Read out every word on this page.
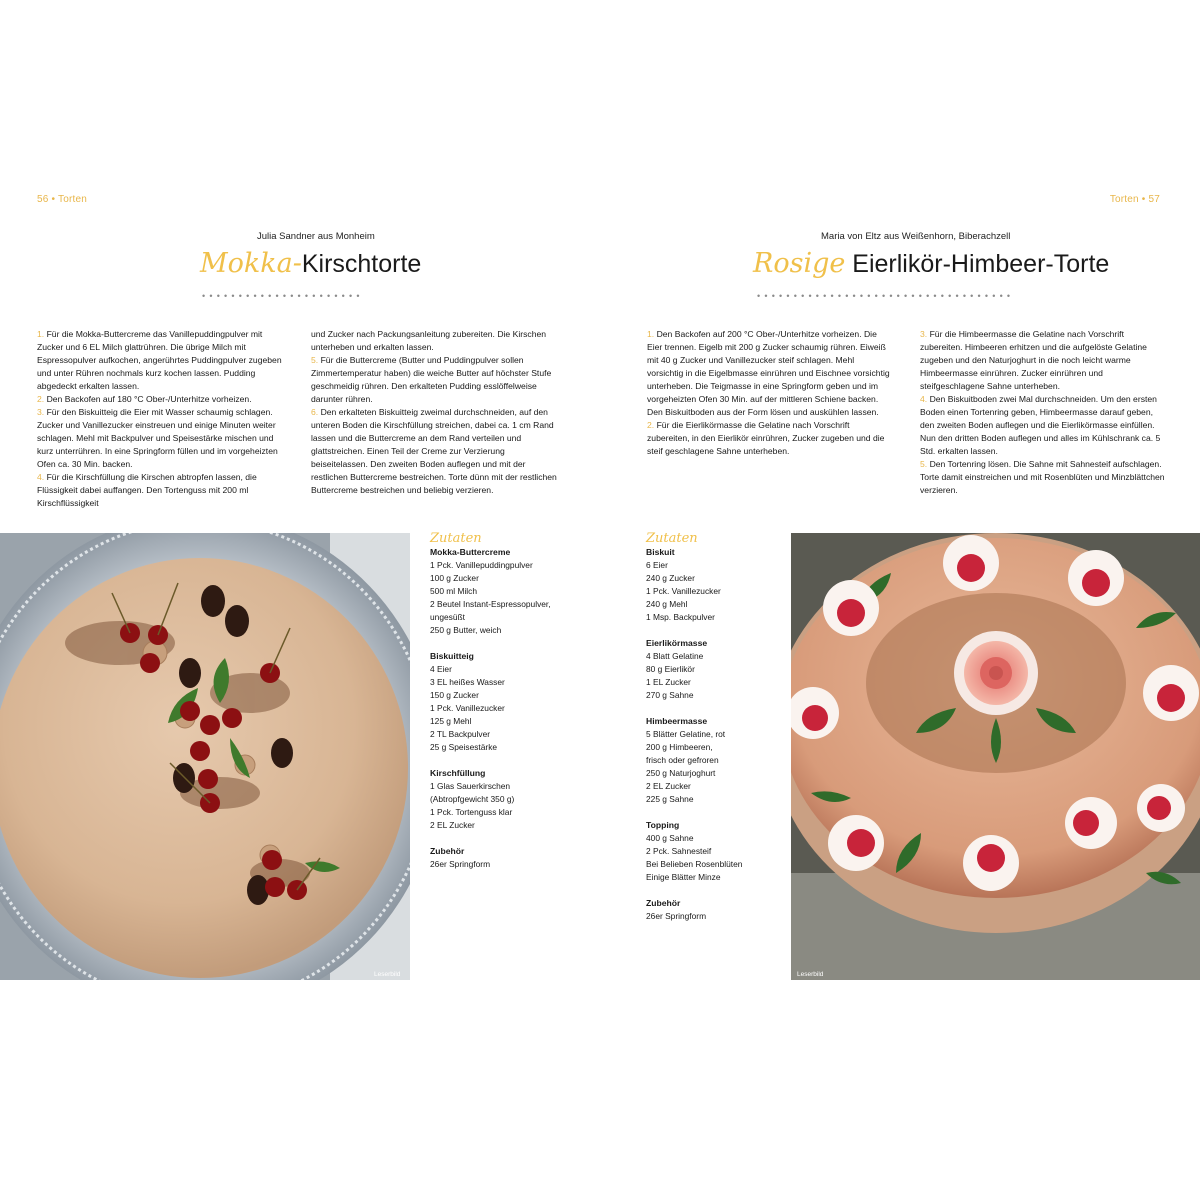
56 • Torten
Julia Sandner aus Monheim
Mokka-Kirschtorte
••••••••••••••••••••••

1. Für die Mokka-Buttercreme das Vanillepuddingpulver mit Zucker und 6 EL Milch glattrühren. Die übrige Milch mit Espressopulver aufkochen, angerührtes Puddingpulver zugeben und unter Rühren nochmals kurz kochen lassen. Pudding abgedeckt erkalten lassen.

2. Den Backofen auf 180 °C Ober-/Unterhitze vorheizen.

3. Für den Biskuitteig die Eier mit Wasser schaumig schlagen. Zucker und Vanillezucker einstreuen und einige Minuten weiter schlagen. Mehl mit Backpulver und Speisestärke mischen und kurz unterrühren. In eine Springform füllen und im vorgeheizten Ofen ca. 30 Min. backen.

4. Für die Kirschfüllung die Kirschen abtropfen lassen, die Flüssigkeit dabei auffangen. Den Tortenguss mit 200 ml Kirschflüssigkeit

und Zucker nach Packungsanleitung zubereiten. Die Kirschen unterheben und erkalten lassen.

5. Für die Buttercreme (Butter und Puddingpulver sollen Zimmertemperatur haben) die weiche Butter auf höchster Stufe geschmeidig rühren. Den erkalteten Pudding esslöffelweise darunter rühren.

6. Den erkalteten Biskuitteig zweimal durchschneiden, auf den unteren Boden die Kirschfüllung streichen, dabei ca. 1 cm Rand lassen und die Buttercreme an dem Rand verteilen und glattstreichen. Einen Teil der Creme zur Verzierung beiseitelassen. Den zweiten Boden auflegen und mit der restlichen Buttercreme bestreichen. Torte dünn mit der restlichen Buttercreme bestreichen und beliebig verzieren.

Leserbild
Zutaten
Mokka-Buttercreme
1 Pck. Vanillepuddingpulver
100 g Zucker
500 ml Milch
2 Beutel Instant-Espressopulver,
ungesüßt
250 g Butter, weich
Biskuitteig
4 Eier
3 EL heißes Wasser
150 g Zucker
1 Pck. Vanillezucker
125 g Mehl
2 TL Backpulver
25 g Speisestärke
Kirschfüllung
1 Glas Sauerkirschen
(Abtropfgewicht 350 g)
1 Pck. Tortenguss klar
2 EL Zucker
Zubehör
26er Springform
Torten • 57
Maria von Eltz aus Weißenhorn, Biberachzell
Rosige Eierlikör-Himbeer-Torte
•••••••••••••••••••••••••••••••••••

1. Den Backofen auf 200 °C Ober-/Unterhitze vorheizen. Die Eier trennen. Eigelb mit 200 g Zucker schaumig rühren. Eiweiß mit 40 g Zucker und Vanillezucker steif schlagen. Mehl vorsichtig in die Eigelbmasse einrühren und Eischnee vorsichtig unterheben. Die Teigmasse in eine Springform geben und im vorgeheizten Ofen 30 Min. auf der mittleren Schiene backen. Den Biskuitboden aus der Form lösen und auskühlen lassen.

2. Für die Eierlikörmasse die Gelatine nach Vorschrift zubereiten, in den Eierlikör einrühren, Zucker zugeben und die steif geschlagene Sahne unterheben.

3. Für die Himbeermasse die Gelatine nach Vorschrift zubereiten. Himbeeren erhitzen und die aufgelöste Gelatine zugeben und den Naturjoghurt in die noch leicht warme Himbeermasse einrühren. Zucker einrühren und steifgeschlagene Sahne unterheben.

4. Den Biskuitboden zwei Mal durchschneiden. Um den ersten Boden einen Tortenring geben, Himbeermasse darauf geben, den zweiten Boden auflegen und die Eierlikörmasse einfüllen. Nun den dritten Boden auflegen und alles im Kühlschrank ca. 5 Std. erkalten lassen.

5. Den Tortenring lösen. Die Sahne mit Sahnesteif aufschlagen. Torte damit einstreichen und mit Rosenblüten und Minzblättchen verzieren.

Zutaten
Biskuit
6 Eier
240 g Zucker
1 Pck. Vanillezucker
240 g Mehl
1 Msp. Backpulver
Eierlikörmasse
4 Blatt Gelatine
80 g Eierlikör
1 EL Zucker
270 g Sahne
Himbeermasse
5 Blätter Gelatine, rot
200 g Himbeeren,
frisch oder gefroren
250 g Naturjoghurt
2 EL Zucker
225 g Sahne
Topping
400 g Sahne
2 Pck. Sahnesteif
Bei Belieben Rosenblüten
Einige Blätter Minze
Zubehör
26er Springform
Leserbild
